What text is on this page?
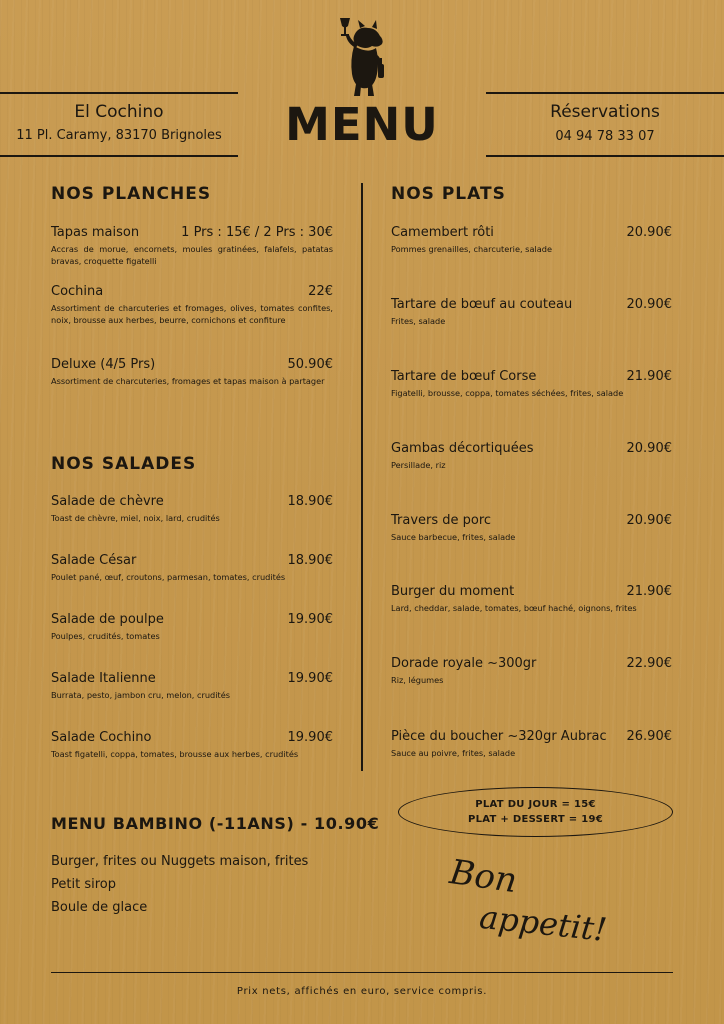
El Cochino
11 Pl. Caramy, 83170 Brignoles	MENU	Réservations
04 94 78 33 07
NOS PLANCHES
Tapas maison	1 Prs : 15€ / 2 Prs : 30€
Accras de morue, encornets, moules gratinées, falafels, patatas bravas, croquette figatelli
Cochina	22€
Assortiment de charcuteries et fromages, olives, tomates confites, noix, brousse aux herbes, beurre, cornichons et confiture
Deluxe (4/5 Prs)	50.90€
Assortiment de charcuteries, fromages et tapas maison à partager
NOS SALADES
Salade de chèvre	18.90€
Toast de chèvre, miel, noix, lard, crudités
Salade César	18.90€
Poulet pané, œuf, croutons, parmesan, tomates, crudités
Salade de poulpe	19.90€
Poulpes, crudités, tomates
Salade Italienne	19.90€
Burrata, pesto, jambon cru, melon, crudités
Salade Cochino	19.90€
Toast figatelli, coppa, tomates, brousse aux herbes, crudités
NOS PLATS
Camembert rôti	20.90€
Pommes grenailles, charcuterie, salade
Tartare de bœuf au couteau	20.90€
Frites, salade
Tartare de bœuf Corse	21.90€
Figatelli, brousse, coppa, tomates séchées, frites, salade
Gambas décortiquées	20.90€
Persillade, riz
Travers de porc	20.90€
Sauce barbecue, frites, salade
Burger du moment	21.90€
Lard, cheddar, salade, tomates, bœuf haché, oignons, frites
Dorade royale ~300gr	22.90€
Riz, légumes
Pièce du boucher ~320gr Aubrac 26.90€
Sauce au poivre, frites, salade
PLAT DU JOUR = 15€
PLAT + DESSERT = 19€
MENU BAMBINO (-11ANS) - 10.90€
Burger, frites ou Nuggets maison, frites
Petit sirop
Boule de glace
Bon
appetit!
Prix nets, affichés en euro, service compris.
